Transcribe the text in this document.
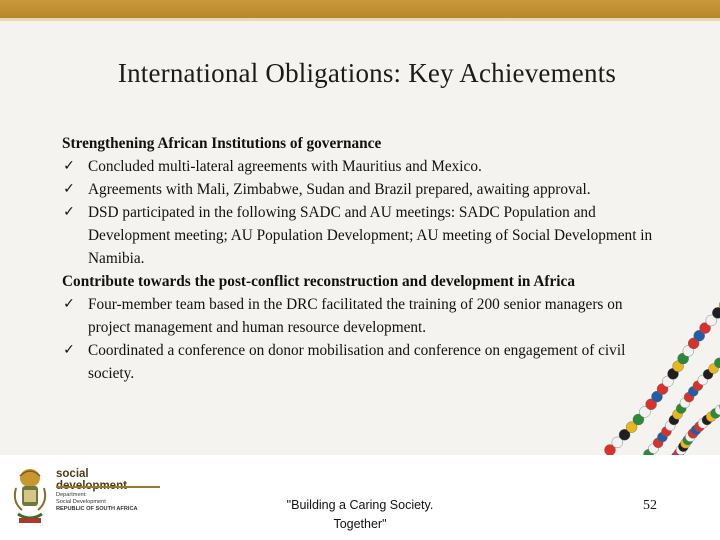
International Obligations: Key Achievements
Strengthening African Institutions of governance
✓ Concluded multi-lateral agreements with Mauritius and Mexico.
✓ Agreements with Mali, Zimbabwe, Sudan and Brazil prepared, awaiting approval.
✓ DSD participated in the following SADC and AU meetings: SADC Population and Development meeting; AU Population Development; AU meeting of Social Development in Namibia.
Contribute towards the post-conflict reconstruction and development in Africa
✓ Four-member team based in the DRC facilitated the training of 200 senior managers on project management and human resource development.
✓ Coordinated a conference on donor mobilisation and conference on engagement of civil society.
social
Department:
Social Development
REPUBLIC OF SOUTH AFRICA	"Building a Caring Society.
Together"
52
